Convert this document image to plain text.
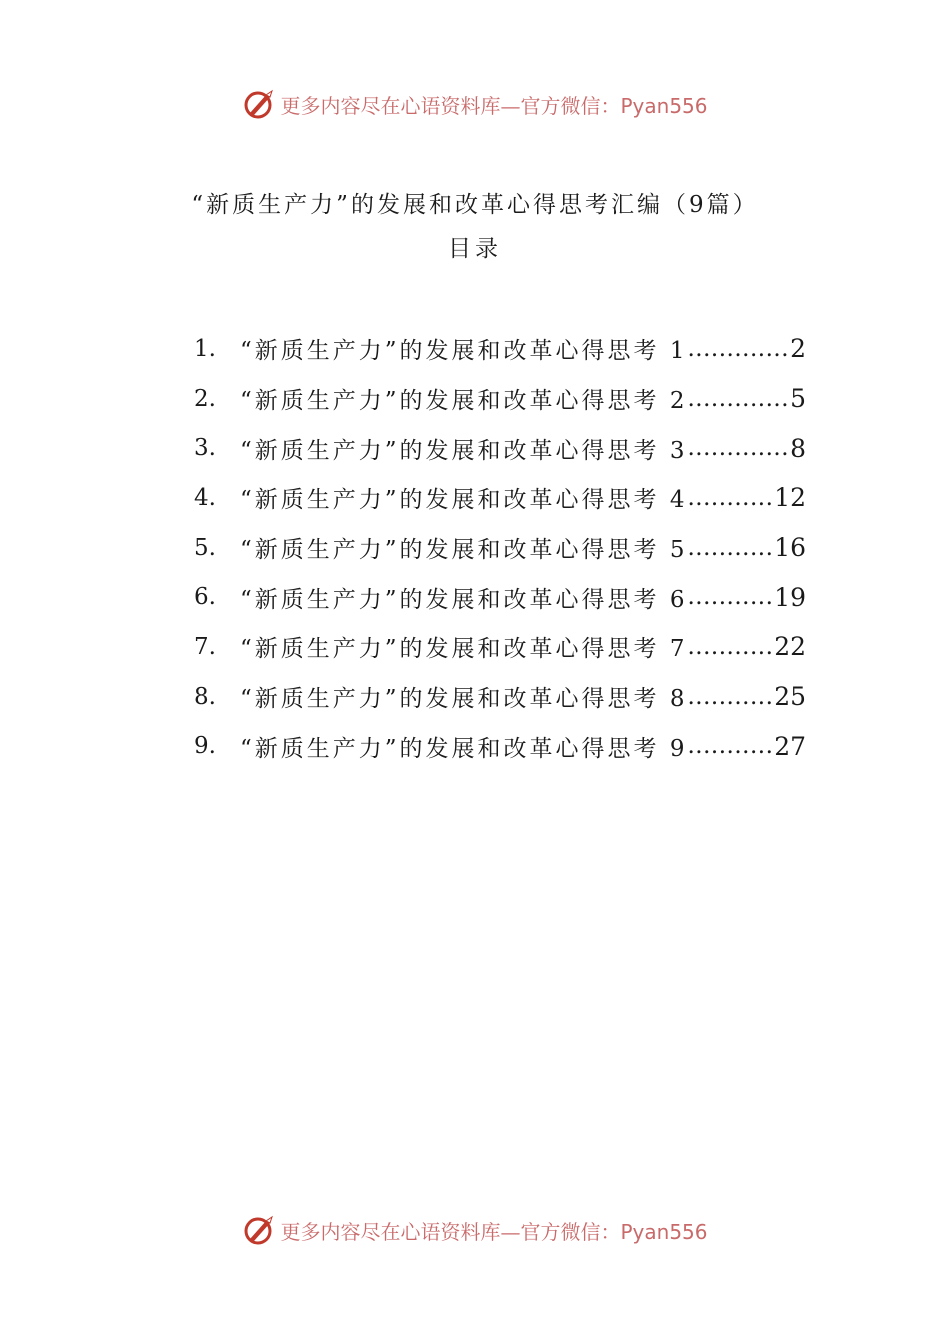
更多内容尽在心语资料库—官方微信：Pyan556
“新质生产力”的发展和改革心得思考汇编（9篇）
目录
1.	“新质生产力”的发展和改革心得思考 1 .....	2
2.	“新质生产力”的发展和改革心得思考 2 .....	5
3.	“新质生产力”的发展和改革心得思考 3 .....	8
4.	“新质生产力”的发展和改革心得思考 4 .....	12
5.	“新质生产力”的发展和改革心得思考 5 .....	16
6.	“新质生产力”的发展和改革心得思考 6 .....	19
7.	“新质生产力”的发展和改革心得思考 7 .....	22
8.	“新质生产力”的发展和改革心得思考 8 .....	25
9.	“新质生产力”的发展和改革心得思考 9 .....	27
更多内容尽在心语资料库—官方微信：Pyan556
